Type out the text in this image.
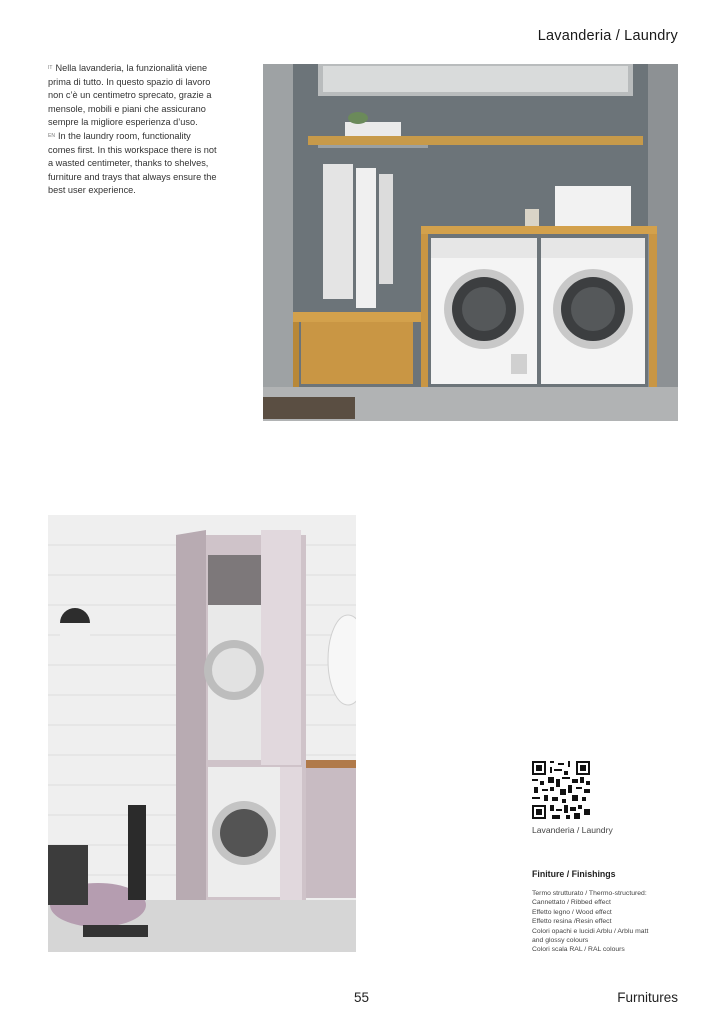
Lavanderia / Laundry

$^{IT}$ Nella lavanderia, la funzionalità viene prima di tutto. In questo spazio di lavoro non c’è un centimetro sprecato, grazie a mensole, mobili e piani che assicurano sempre la migliore esperienza d’uso.

$^{EN}$ In the laundry room, functionality comes first. In this workspace there is not a wasted centimeter, thanks to shelves, furniture and trays that always ensure the best user experience.

Lavanderia / Laundry
Finiture / Finishings
Termo strutturato / Thermo-structured:
Cannettato / Ribbed effect
Effetto legno / Wood effect
Effetto resina /Resin effect
Colori opachi e lucidi Arblu / Arblu matt
and glossy colours
Colori scala RAL / RAL colours
55	Furnitures
